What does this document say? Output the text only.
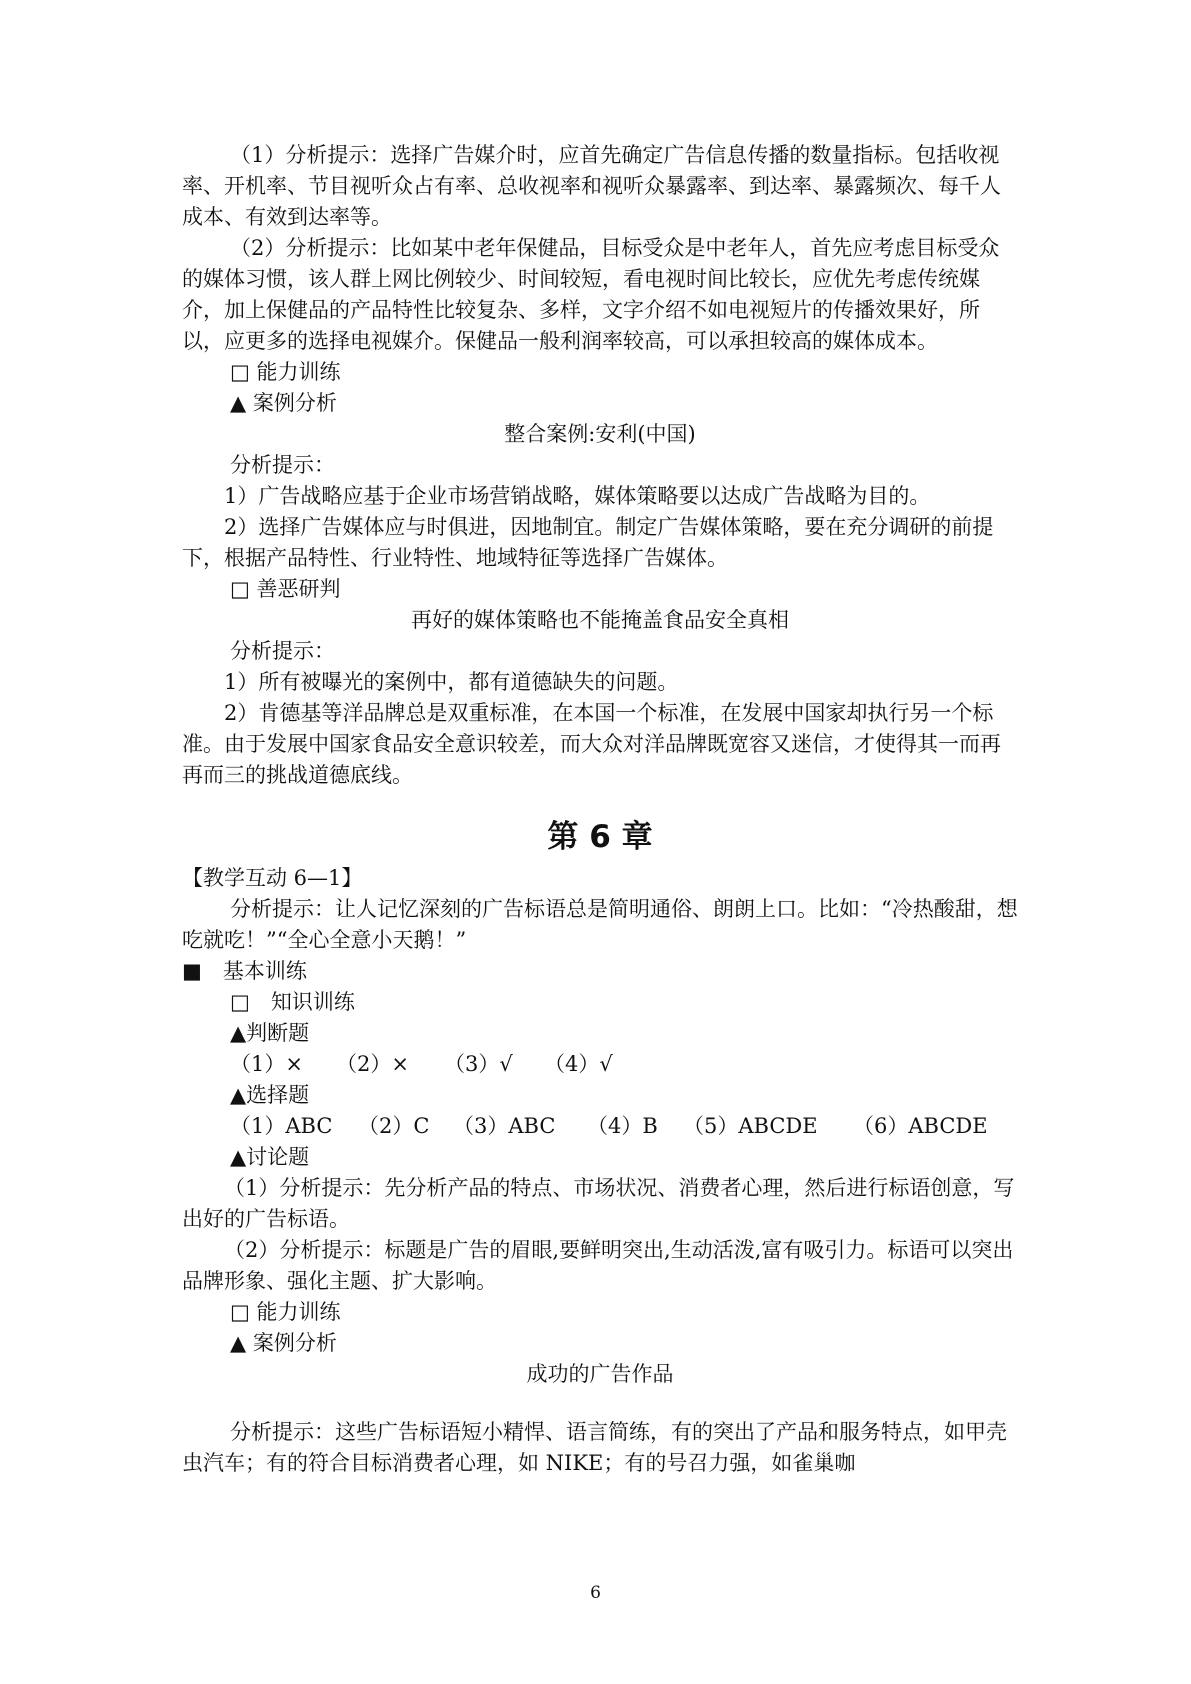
（1）分析提示：选择广告媒介时，应首先确定广告信息传播的数量指标。包括收视率、开机率、节目视听众占有率、总收视率和视听众暴露率、到达率、暴露频次、每千人成本、有效到达率等。

（2）分析提示：比如某中老年保健品，目标受众是中老年人，首先应考虑目标受众的媒体习惯，该人群上网比例较少、时间较短，看电视时间比较长，应优先考虑传统媒介，加上保健品的产品特性比较复杂、多样，文字介绍不如电视短片的传播效果好，所以，应更多的选择电视媒介。保健品一般利润率较高，可以承担较高的媒体成本。

□ 能力训练

▲ 案例分析

整合案例:安利(中国)

分析提示：

1）广告战略应基于企业市场营销战略，媒体策略要以达成广告战略为目的。

2）选择广告媒体应与时俱进，因地制宜。制定广告媒体策略，要在充分调研的前提下，根据产品特性、行业特性、地域特征等选择广告媒体。

□ 善恶研判

再好的媒体策略也不能掩盖食品安全真相

分析提示：

1）所有被曝光的案例中，都有道德缺失的问题。

2）肯德基等洋品牌总是双重标准，在本国一个标准，在发展中国家却执行另一个标准。由于发展中国家食品安全意识较差，而大众对洋品牌既宽容又迷信，才使得其一而再再而三的挑战道德底线。

第 6 章

【教学互动 6—1】

分析提示：让人记忆深刻的广告标语总是简明通俗、朗朗上口。比如：“冷热酸甜，想吃就吃！”“全心全意小天鹅！”

■　基本训练

□　知识训练

▲判断题

（1）× （2）× （3）√ （4）√

▲选择题

（1）ABC （2）C （3）ABC （4）B （5）ABCDE （6）ABCDE

▲讨论题

（1）分析提示：先分析产品的特点、市场状况、消费者心理，然后进行标语创意，写出好的广告标语。

（2）分析提示：标题是广告的眉眼,要鲜明突出,生动活泼,富有吸引力。标语可以突出品牌形象、强化主题、扩大影响。

□ 能力训练

▲ 案例分析

成功的广告作品

分析提示：这些广告标语短小精悍、语言简练，有的突出了产品和服务特点，如甲壳虫汽车；有的符合目标消费者心理，如 NIKE；有的号召力强，如雀巢咖

6
